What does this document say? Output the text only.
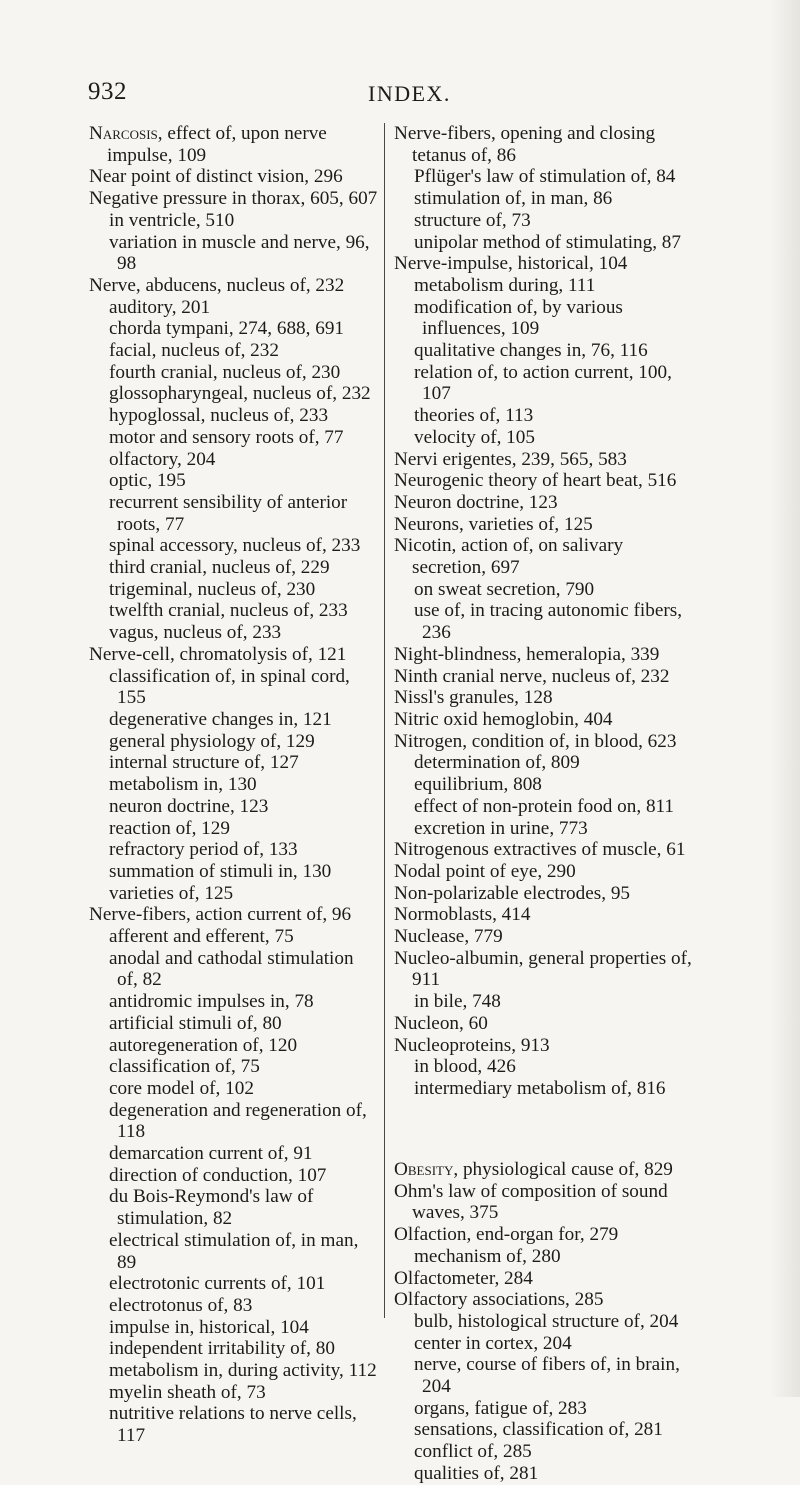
932	INDEX.

Narcosis, effect of, upon nerve impulse, 109

Near point of distinct vision, 296

Negative pressure in thorax, 605, 607

in ventricle, 510

variation in muscle and nerve, 96, 98

Nerve, abducens, nucleus of, 232

auditory, 201

chorda tympani, 274, 688, 691

facial, nucleus of, 232

fourth cranial, nucleus of, 230

glossopharyngeal, nucleus of, 232

hypoglossal, nucleus of, 233

motor and sensory roots of, 77

olfactory, 204

optic, 195

recurrent sensibility of anterior roots, 77

spinal accessory, nucleus of, 233

third cranial, nucleus of, 229

trigeminal, nucleus of, 230

twelfth cranial, nucleus of, 233

vagus, nucleus of, 233

Nerve-cell, chromatolysis of, 121

classification of, in spinal cord, 155

degenerative changes in, 121

general physiology of, 129

internal structure of, 127

metabolism in, 130

neuron doctrine, 123

reaction of, 129

refractory period of, 133

summation of stimuli in, 130

varieties of, 125

Nerve-fibers, action current of, 96

afferent and efferent, 75

anodal and cathodal stimulation of, 82

antidromic impulses in, 78

artificial stimuli of, 80

autoregeneration of, 120

classification of, 75

core model of, 102

degeneration and regeneration of, 118

demarcation current of, 91

direction of conduction, 107

du Bois-Reymond's law of stimulation, 82

electrical stimulation of, in man, 89

electrotonic currents of, 101

electrotonus of, 83

impulse in, historical, 104

independent irritability of, 80

metabolism in, during activity, 112

myelin sheath of, 73

nutritive relations to nerve cells, 117

Nerve-fibers, opening and closing tetanus of, 86

Pflüger's law of stimulation of, 84

stimulation of, in man, 86

structure of, 73

unipolar method of stimulating, 87

Nerve-impulse, historical, 104

metabolism during, 111

modification of, by various influences, 109

qualitative changes in, 76, 116

relation of, to action current, 100, 107

theories of, 113

velocity of, 105

Nervi erigentes, 239, 565, 583

Neurogenic theory of heart beat, 516

Neuron doctrine, 123

Neurons, varieties of, 125

Nicotin, action of, on salivary secretion, 697

on sweat secretion, 790

use of, in tracing autonomic fibers, 236

Night-blindness, hemeralopia, 339

Ninth cranial nerve, nucleus of, 232

Nissl's granules, 128

Nitric oxid hemoglobin, 404

Nitrogen, condition of, in blood, 623

determination of, 809

equilibrium, 808

effect of non-protein food on, 811

excretion in urine, 773

Nitrogenous extractives of muscle, 61

Nodal point of eye, 290

Non-polarizable electrodes, 95

Normoblasts, 414

Nuclease, 779

Nucleo-albumin, general properties of, 911

in bile, 748

Nucleon, 60

Nucleoproteins, 913

in blood, 426

intermediary metabolism of, 816

Obesity, physiological cause of, 829

Ohm's law of composition of sound waves, 375

Olfaction, end-organ for, 279

mechanism of, 280

Olfactometer, 284

Olfactory associations, 285

bulb, histological structure of, 204

center in cortex, 204

nerve, course of fibers of, in brain, 204

organs, fatigue of, 283

sensations, classification of, 281

conflict of, 285

qualities of, 281
